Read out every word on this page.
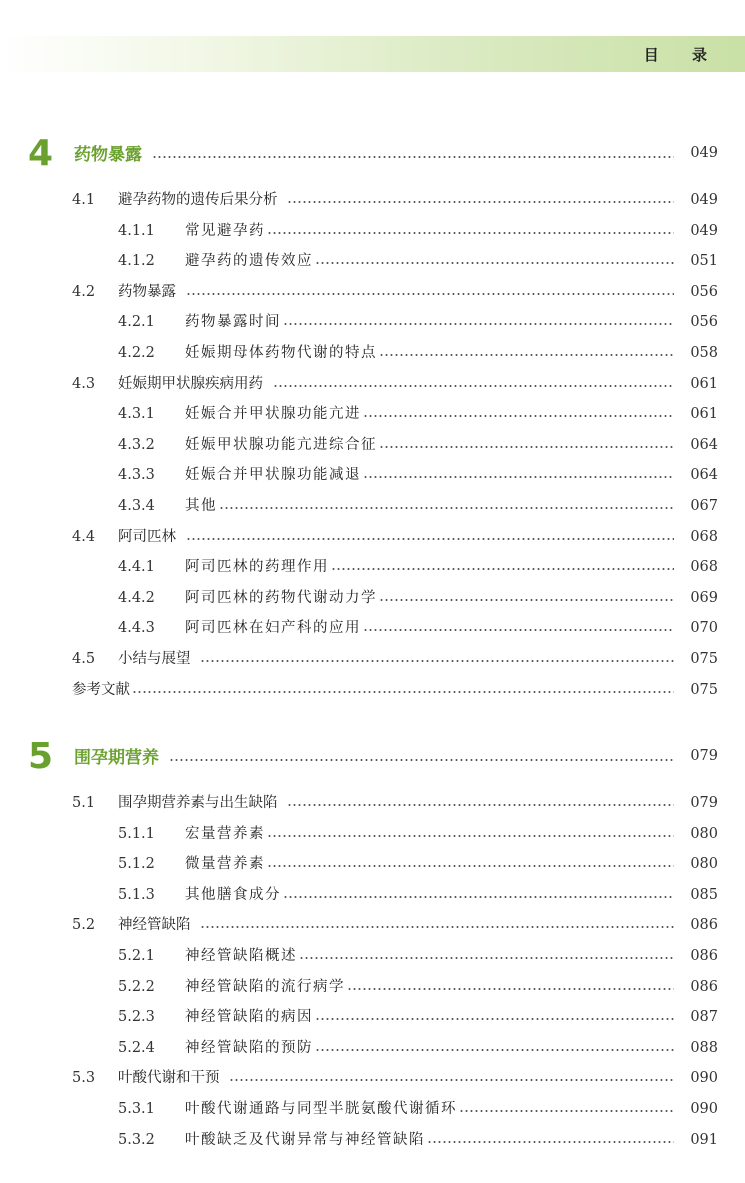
目 录
4 药物暴露	049
4.1 避孕药物的遗传后果分析	049
4.1.1 常见避孕药	049
4.1.2 避孕药的遗传效应	051
4.2 药物暴露	056
4.2.1 药物暴露时间	056
4.2.2 妊娠期母体药物代谢的特点	058
4.3 妊娠期甲状腺疾病用药	061
4.3.1 妊娠合并甲状腺功能亢进	061
4.3.2 妊娠甲状腺功能亢进综合征	064
4.3.3 妊娠合并甲状腺功能减退	064
4.3.4 其他	067
4.4 阿司匹林	068
4.4.1 阿司匹林的药理作用	068
4.4.2 阿司匹林的药物代谢动力学	069
4.4.3 阿司匹林在妇产科的应用	070
4.5 小结与展望	075
参考文献	075
5 围孕期营养	079
5.1 围孕期营养素与出生缺陷	079
5.1.1 宏量营养素	080
5.1.2 微量营养素	080
5.1.3 其他膳食成分	085
5.2 神经管缺陷	086
5.2.1 神经管缺陷概述	086
5.2.2 神经管缺陷的流行病学	086
5.2.3 神经管缺陷的病因	087
5.2.4 神经管缺陷的预防	088
5.3 叶酸代谢和干预	090
5.3.1 叶酸代谢通路与同型半胱氨酸代谢循环	090
5.3.2 叶酸缺乏及代谢异常与神经管缺陷	091
